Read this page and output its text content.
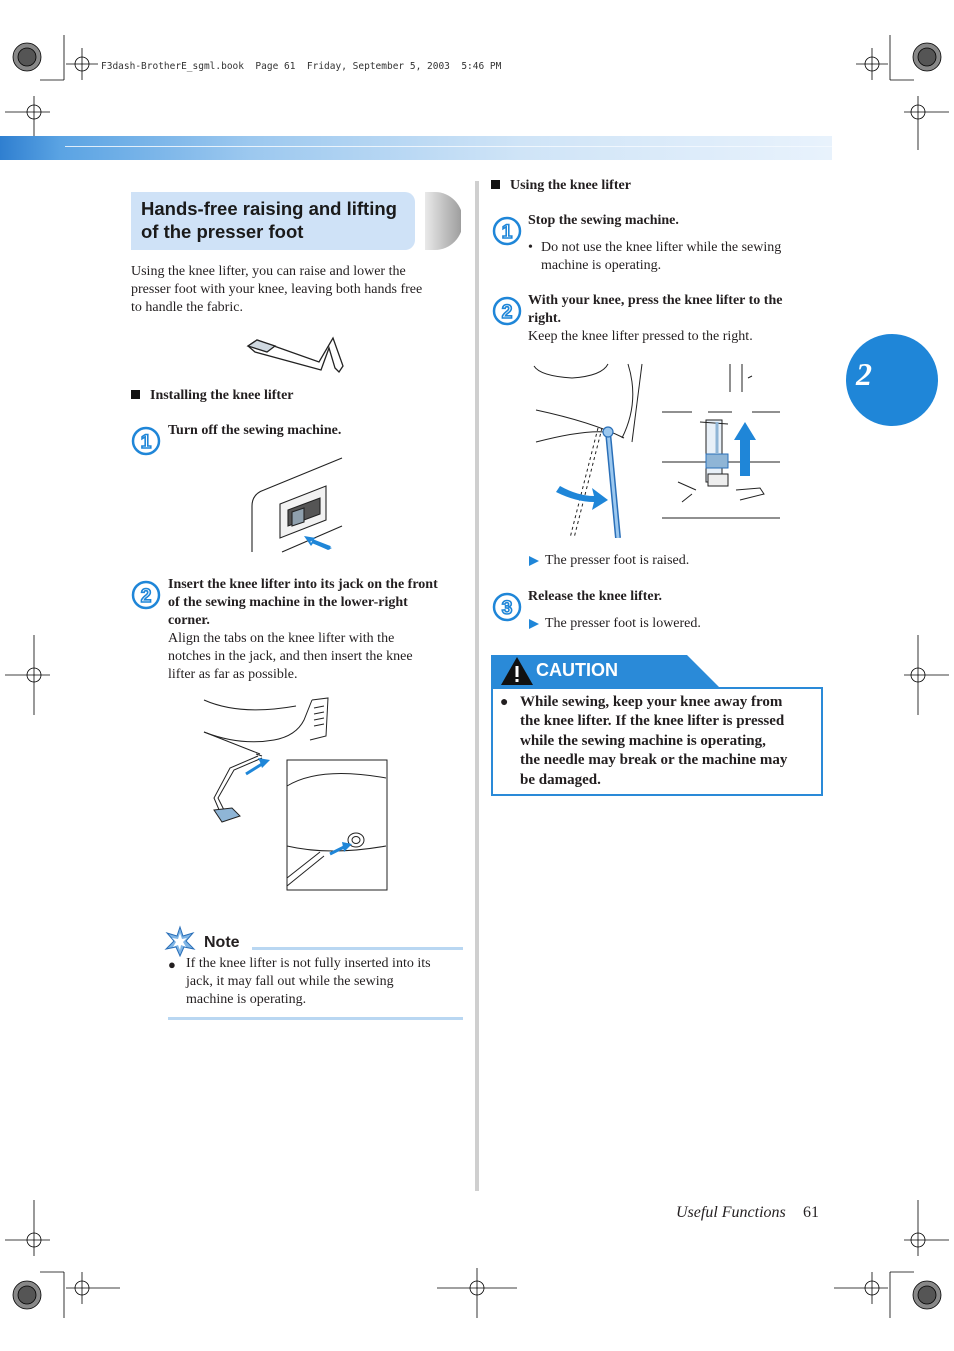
F3dash-BrotherE_sgml.book  Page 61  Friday, September 5, 2003  5:46 PM
2
Hands-free raising and lifting
of the presser foot
Using the knee lifter, you can raise and lower the
presser foot with your knee, leaving both hands free
to handle the fabric.
Installing the knee lifter
1
Turn off the sewing machine.
2
Insert the knee lifter into its jack on the front
of the sewing machine in the lower-right
corner.
Align the tabs on the knee lifter with the
notches in the jack, and then insert the knee
lifter as far as possible.
Note
● If the knee lifter is not fully inserted into its
jack, it may fall out while the sewing
machine is operating.
Using the knee lifter
1
Stop the sewing machine.
• Do not use the knee lifter while the sewing
machine is operating.
2
With your knee, press the knee lifter to the
right.
Keep the knee lifter pressed to the right.
The presser foot is raised.
3
Release the knee lifter.
The presser foot is lowered.
CAUTION
● While sewing, keep your knee away from
the knee lifter. If the knee lifter is pressed
while the sewing machine is operating,
the needle may break or the machine may
be damaged.
Useful Functions 61
